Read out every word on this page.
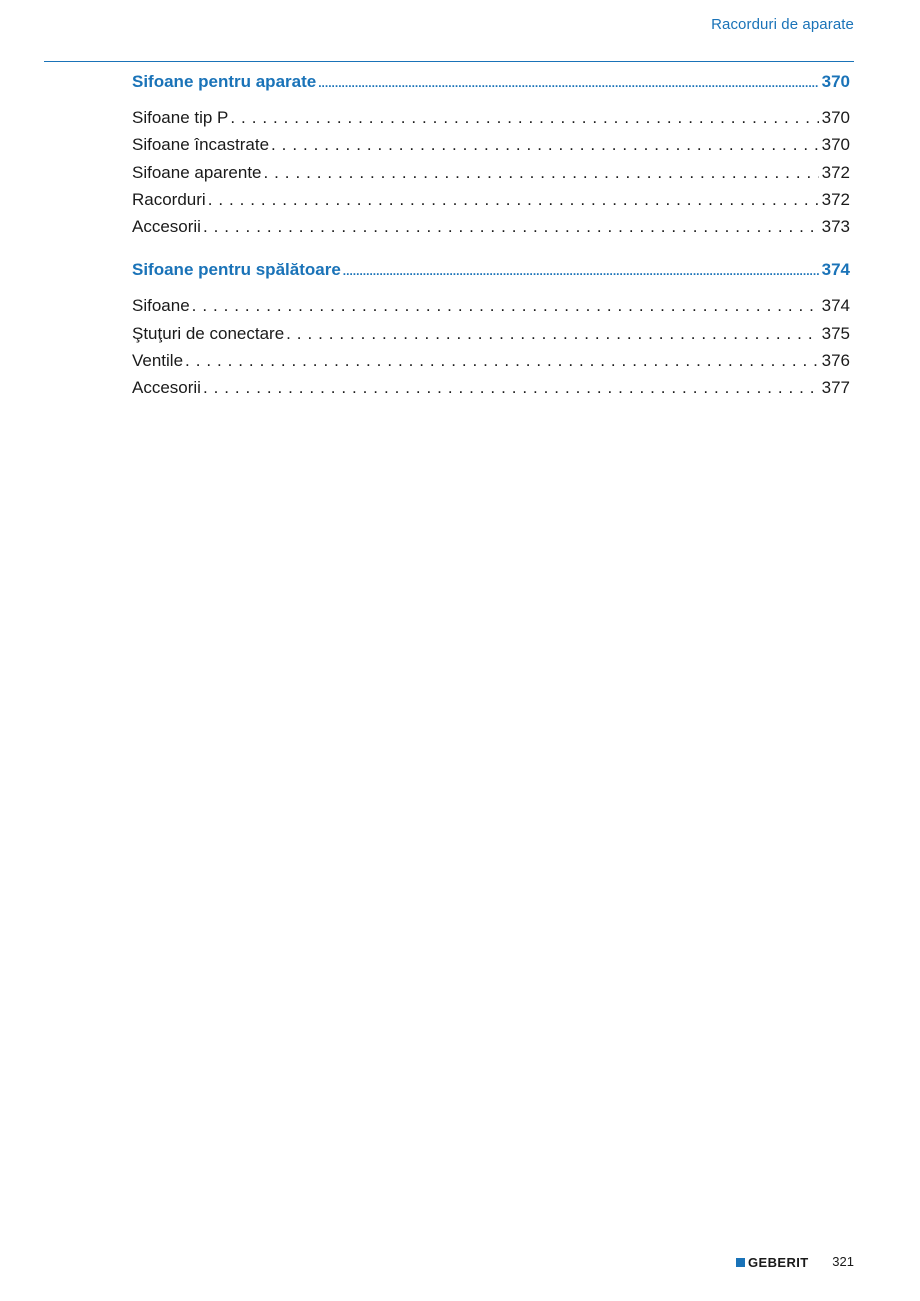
Racorduri de aparate
Sifoane pentru aparate .....	370
Sifoane tip P . . .	370
Sifoane încastrate . . .	370
Sifoane aparente . . .	372
Racorduri . . .	372
Accesorii . . .	373
Sifoane pentru spălătoare .....	374
Sifoane . . .	374
Ştuţuri de conectare . . .	375
Ventile . . .	376
Accesorii . . .	377
GEBERIT 321
